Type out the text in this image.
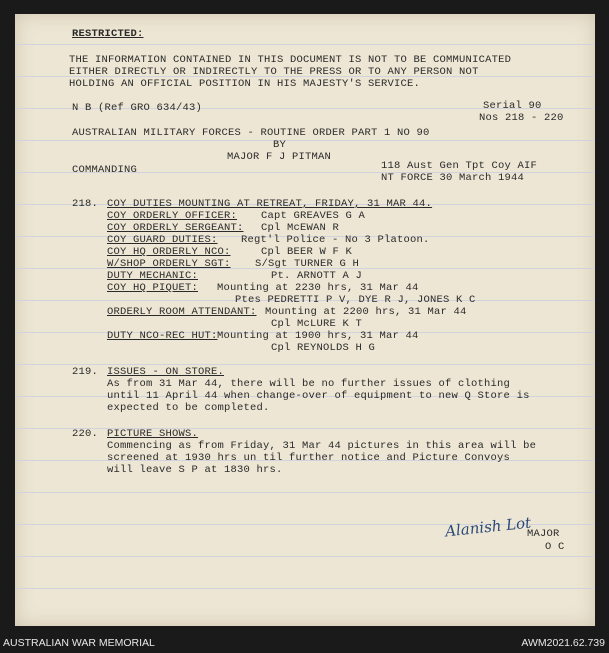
RESTRICTED:
THE INFORMATION CONTAINED IN THIS DOCUMENT IS NOT TO BE COMMUNICATED
EITHER DIRECTLY OR INDIRECTLY TO THE PRESS OR TO ANY PERSON NOT
HOLDING AN OFFICIAL POSITION IN HIS MAJESTY'S SERVICE.
N B (Ref GRO 634/43)	Serial 90
Nos 218 - 220
AUSTRALIAN MILITARY FORCES - ROUTINE ORDER PART 1 NO 90
BY
MAJOR F J PITMAN
COMMANDING	118 Aust Gen Tpt Coy AIF
NT FORCE 30 March 1944
218. COY DUTIES MOUNTING AT RETREAT, FRIDAY, 31 MAR 44.
COY ORDERLY OFFICER: Capt GREAVES G A
COY ORDERLY SERGEANT: Cpl McEWAN R
COY GUARD DUTIES: Regt'l Police - No 3 Platoon.
COY HQ ORDERLY NCO:	Cpl BEER W F K
W/SHOP ORDERLY SGT: S/Sgt TURNER G H
DUTY MECHANIC:	Pt. ARNOTT A J
COY HQ PIQUET: Mounting at 2230 hrs, 31 Mar 44
Ptes PEDRETTI P V, DYE R J, JONES K C
ORDERLY ROOM ATTENDANT: Mounting at 2200 hrs, 31 Mar 44
Cpl McLURE K T
DUTY NCO-REC HUT: Mounting at 1900 hrs, 31 Mar 44
Cpl REYNOLDS H G
219. ISSUES - ON STORE.
As from 31 Mar 44, there will be no further issues of clothing
until 11 April 44 when change-over of equipment to new Q Store is
expected to be completed.
220. PICTURE SHOWS.
Commencing as from Friday, 31 Mar 44 pictures in this area will be
screened at 1930 hrs un til further notice and Picture Convoys
will leave S P at 1830 hrs.
Alanish Lot
MAJOR
O C
AUSTRALIAN WAR MEMORIAL	AWM2021.62.739
